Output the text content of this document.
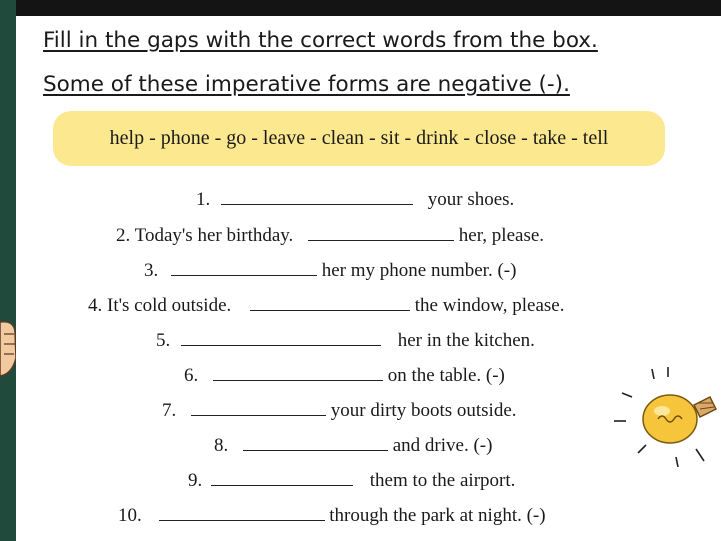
Fill in the gaps with the correct words from the box.
Some of these imperative forms are negative (-).
help - phone - go - leave - clean - sit - drink - close - take - tell
1.	your shoes.
2. Today's her birthday.	her, please.
3.	her my phone number. (-)
4. It's cold outside.	the window, please.
5.	her in the kitchen.
6.	on the table. (-)
7.	your dirty boots outside.
8.	and drive. (-)
9.	them to the airport.
10.	through the park at night. (-)
